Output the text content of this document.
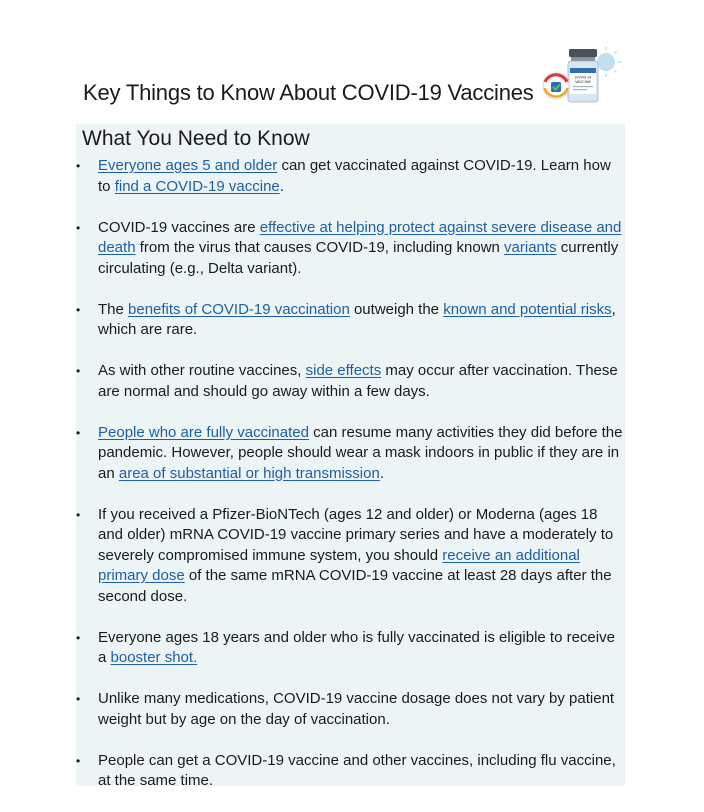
Key Things to Know About COVID-19 Vaccines
COVID-19
VACCINE
What You Need to Know
• Everyone ages 5 and older can get vaccinated against COVID-19. Learn how to find a COVID-19 vaccine.
• COVID-19 vaccines are effective at helping protect against severe disease and death from the virus that causes COVID-19, including known variants currently circulating (e.g., Delta variant).
• The benefits of COVID-19 vaccination outweigh the known and potential risks, which are rare.
• As with other routine vaccines, side effects may occur after vaccination. These are normal and should go away within a few days.
• People who are fully vaccinated can resume many activities they did before the pandemic. However, people should wear a mask indoors in public if they are in an area of substantial or high transmission.
• If you received a Pfizer-BioNTech (ages 12 and older) or Moderna (ages 18 and older) mRNA COVID-19 vaccine primary series and have a moderately to severely compromised immune system, you should receive an additional primary dose of the same mRNA COVID-19 vaccine at least 28 days after the second dose.
• Everyone ages 18 years and older who is fully vaccinated is eligible to receive a booster shot.
• Unlike many medications, COVID-19 vaccine dosage does not vary by patient weight but by age on the day of vaccination.
• People can get a COVID-19 vaccine and other vaccines, including flu vaccine, at the same time.
